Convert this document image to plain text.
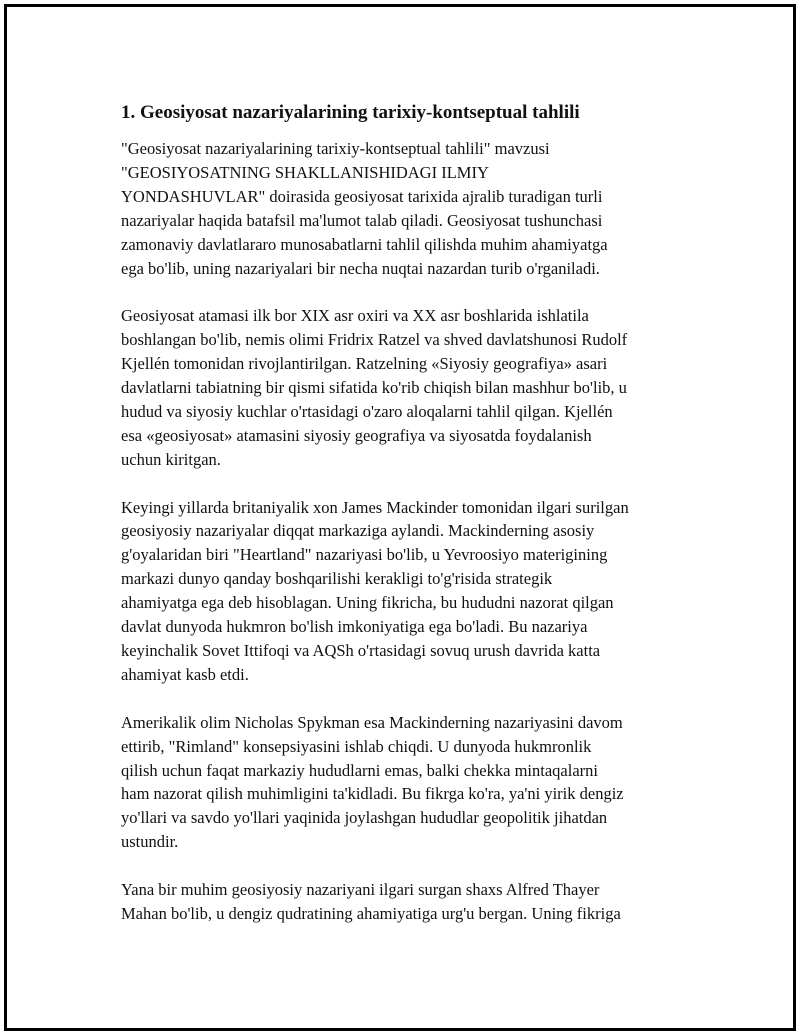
1. Geosiyosat nazariyalarining tarixiy-kontseptual tahlili

"Geosiyosat nazariyalarining tarixiy-kontseptual tahlili" mavzusi
"GEOSIYOSATNING SHAKLLANISHIDAGI ILMIY
YONDASHUVLAR" doirasida geosiyosat tarixida ajralib turadigan turli
nazariyalar haqida batafsil ma'lumot talab qiladi. Geosiyosat tushunchasi
zamonaviy davlatlararo munosabatlarni tahlil qilishda muhim ahamiyatga
ega bo'lib, uning nazariyalari bir necha nuqtai nazardan turib o'rganiladi.

Geosiyosat atamasi ilk bor XIX asr oxiri va XX asr boshlarida ishlatila
boshlangan bo'lib, nemis olimi Fridrix Ratzel va shved davlatshunosi Rudolf
Kjellén tomonidan rivojlantirilgan. Ratzelning «Siyosiy geografiya» asari
davlatlarni tabiatning bir qismi sifatida ko'rib chiqish bilan mashhur bo'lib, u
hudud va siyosiy kuchlar o'rtasidagi o'zaro aloqalarni tahlil qilgan. Kjellén
esa «geosiyosat» atamasini siyosiy geografiya va siyosatda foydalanish
uchun kiritgan.

Keyingi yillarda britaniyalik xon James Mackinder tomonidan ilgari surilgan
geosiyosiy nazariyalar diqqat markaziga aylandi. Mackinderning asosiy
g'oyalaridan biri "Heartland" nazariyasi bo'lib, u Yevroosiyo materigining
markazi dunyo qanday boshqarilishi kerakligi to'g'risida strategik
ahamiyatga ega deb hisoblagan. Uning fikricha, bu hududni nazorat qilgan
davlat dunyoda hukmron bo'lish imkoniyatiga ega bo'ladi. Bu nazariya
keyinchalik Sovet Ittifoqi va AQSh o'rtasidagi sovuq urush davrida katta
ahamiyat kasb etdi.

Amerikalik olim Nicholas Spykman esa Mackinderning nazariyasini davom
ettirib, "Rimland" konsepsiyasini ishlab chiqdi. U dunyoda hukmronlik
qilish uchun faqat markaziy hududlarni emas, balki chekka mintaqalarni
ham nazorat qilish muhimligini ta'kidladi. Bu fikrga ko'ra, ya'ni yirik dengiz
yo'llari va savdo yo'llari yaqinida joylashgan hududlar geopolitik jihatdan
ustundir.

Yana bir muhim geosiyosiy nazariyani ilgari surgan shaxs Alfred Thayer
Mahan bo'lib, u dengiz qudratining ahamiyatiga urg'u bergan. Uning fikriga
